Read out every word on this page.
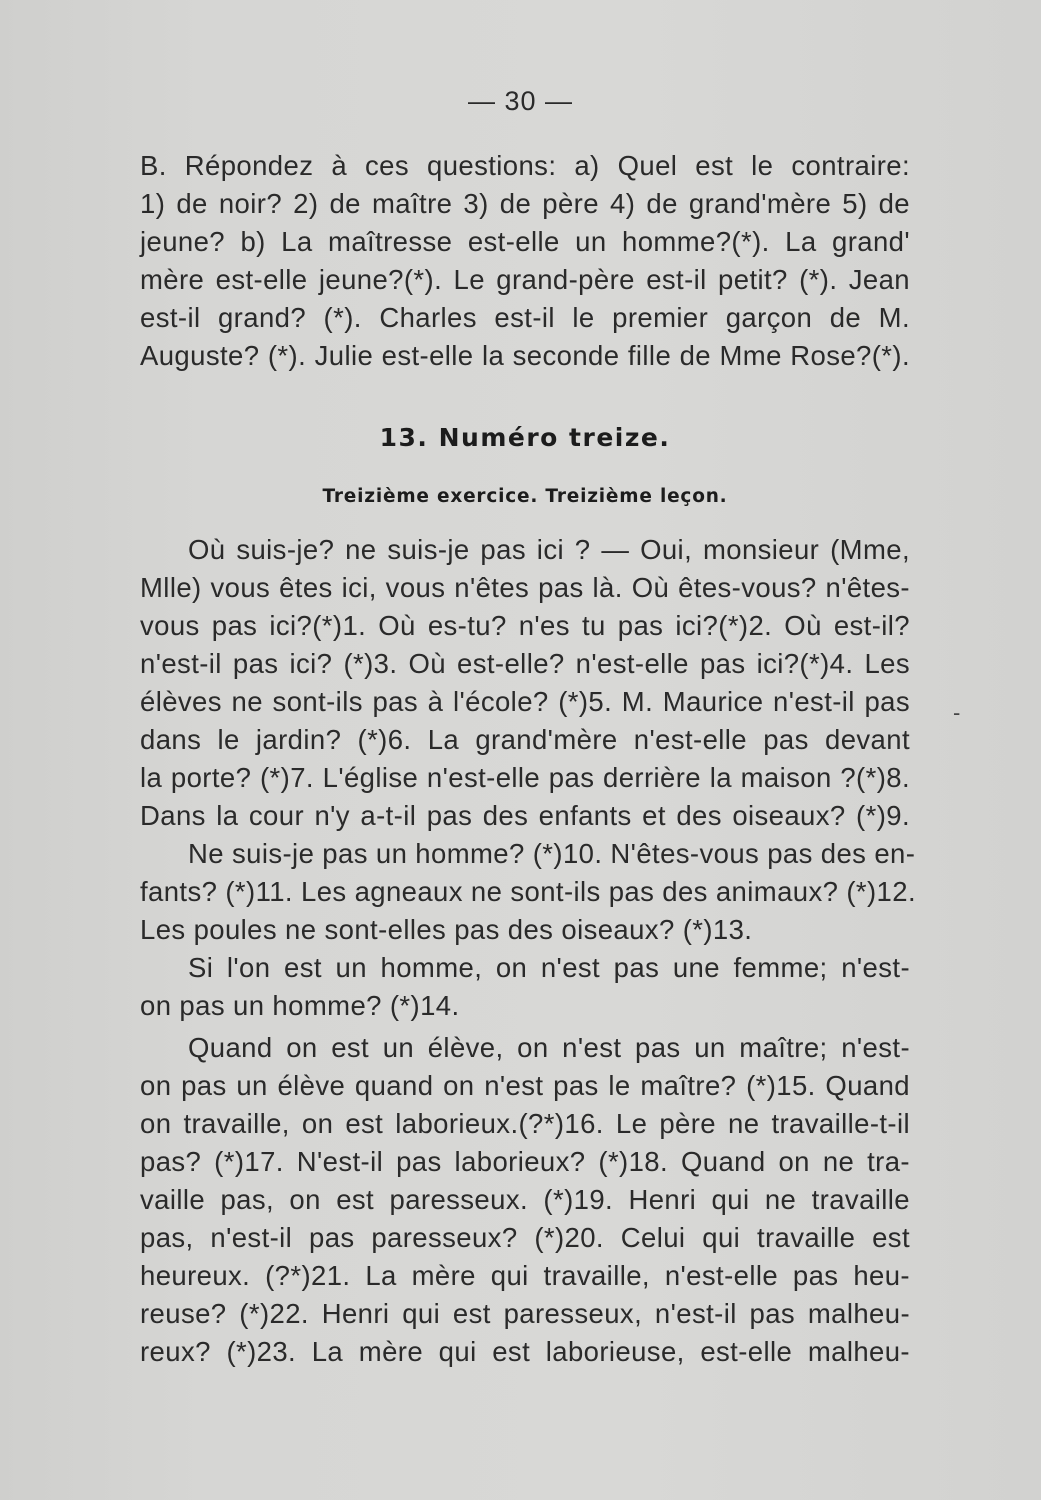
— 30 —
B. Répondez à ces questions: a) Quel est le contraire:
1) de noir? 2) de maître 3) de père 4) de grand'mère 5) de
jeune? b) La maîtresse est-elle un homme?(*). La grand'
mère est-elle jeune?(*). Le grand-père est-il petit? (*). Jean
est-il grand? (*). Charles est-il le premier garçon de M.
Auguste? (*). Julie est-elle la seconde fille de Mme Rose?(*).
13. Numéro treize.
Treizième exercice. Treizième leçon.
Où suis-je? ne suis-je pas ici ? — Oui, monsieur (Mme,
Mlle) vous êtes ici, vous n'êtes pas là. Où êtes-vous? n'êtes-
vous pas ici?(*)1. Où es-tu? n'es tu pas ici?(*)2. Où est-il?
n'est-il pas ici? (*)3. Où est-elle? n'est-elle pas ici?(*)4. Les
élèves ne sont-ils pas à l'école? (*)5. M. Maurice n'est-il pas
dans le jardin? (*)6. La grand'mère n'est-elle pas devant
la porte? (*)7. L'église n'est-elle pas derrière la maison ?(*)8.
Dans la cour n'y a-t-il pas des enfants et des oiseaux? (*)9.
Ne suis-je pas un homme? (*)10. N'êtes-vous pas des en-
fants? (*)11. Les agneaux ne sont-ils pas des animaux? (*)12.
Les poules ne sont-elles pas des oiseaux? (*)13.
Si l'on est un homme, on n'est pas une femme; n'est-
on pas un homme? (*)14.
Quand on est un élève, on n'est pas un maître; n'est-
on pas un élève quand on n'est pas le maître? (*)15. Quand
on travaille, on est laborieux.(?*)16. Le père ne travaille-t-il
pas? (*)17. N'est-il pas laborieux? (*)18. Quand on ne tra-
vaille pas, on est paresseux. (*)19. Henri qui ne travaille
pas, n'est-il pas paresseux? (*)20. Celui qui travaille est
heureux. (?*)21. La mère qui travaille, n'est-elle pas heu-
reuse? (*)22. Henri qui est paresseux, n'est-il pas malheu-
reux? (*)23. La mère qui est laborieuse, est-elle malheu-
-
